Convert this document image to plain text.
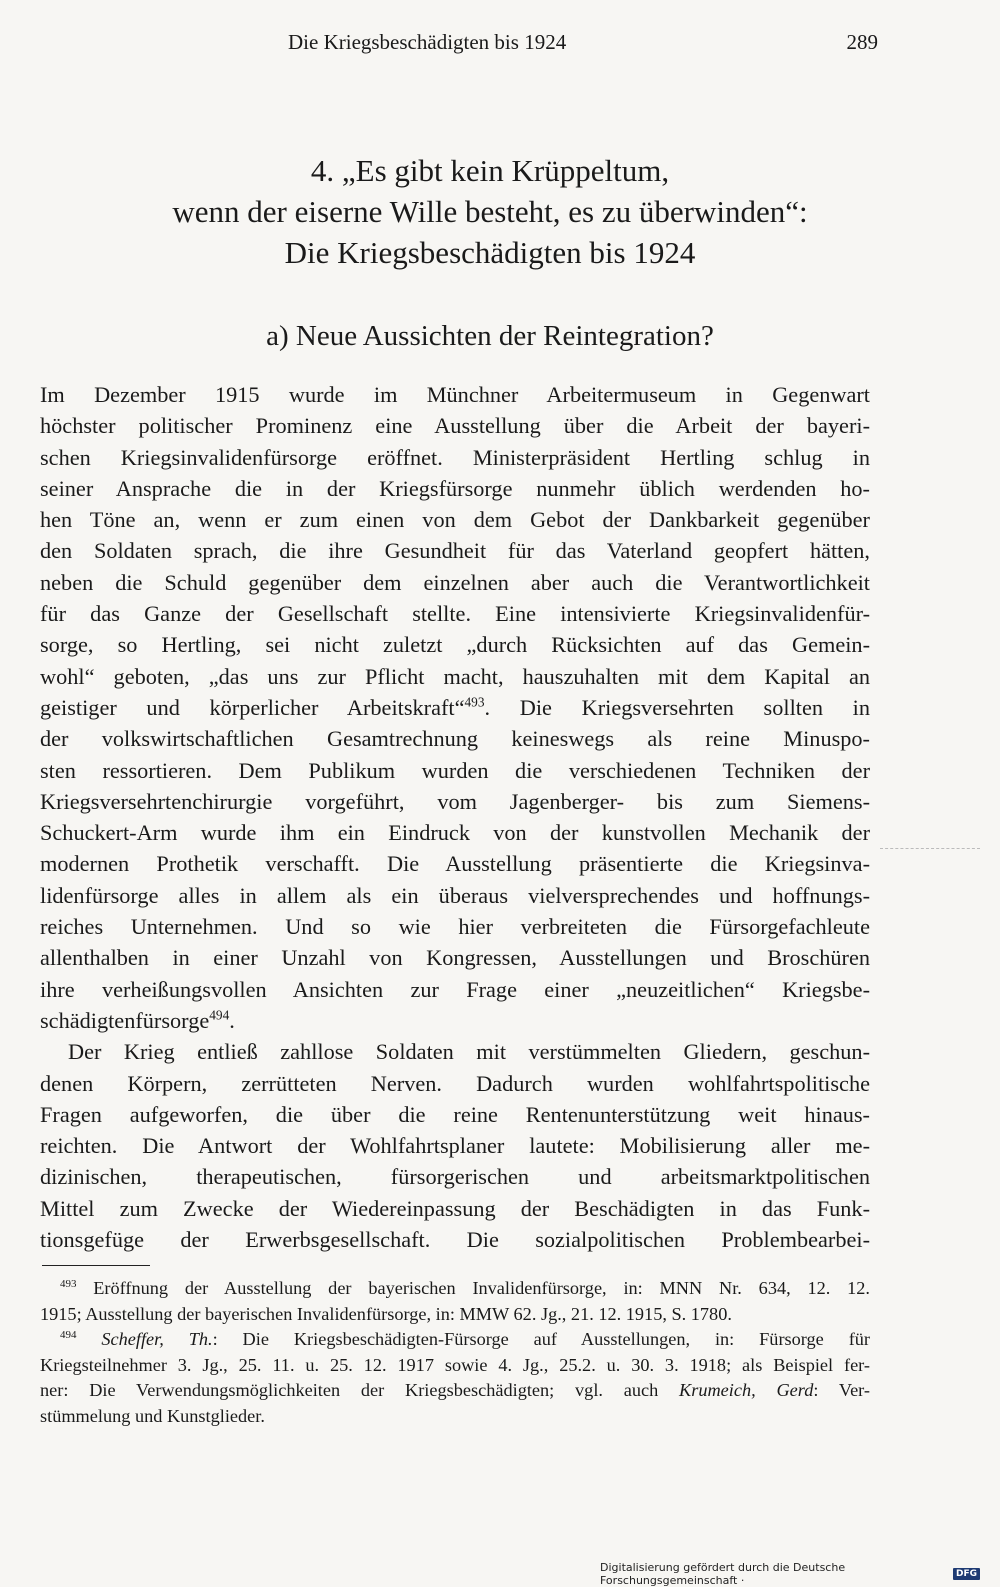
Die Kriegsbeschädigten bis 1924	289
4. „Es gibt kein Krüppeltum,
wenn der eiserne Wille besteht, es zu überwinden“:
Die Kriegsbeschädigten bis 1924
a) Neue Aussichten der Reintegration?
Im Dezember 1915 wurde im Münchner Arbeitermuseum in Gegenwart
höchster politischer Prominenz eine Ausstellung über die Arbeit der bayeri-
schen Kriegsinvalidenfürsorge eröffnet. Ministerpräsident Hertling schlug in
seiner Ansprache die in der Kriegsfürsorge nunmehr üblich werdenden ho-
hen Töne an, wenn er zum einen von dem Gebot der Dankbarkeit gegenüber
den Soldaten sprach, die ihre Gesundheit für das Vaterland geopfert hätten,
neben die Schuld gegenüber dem einzelnen aber auch die Verantwortlichkeit
für das Ganze der Gesellschaft stellte. Eine intensivierte Kriegsinvalidenfür-
sorge, so Hertling, sei nicht zuletzt „durch Rücksichten auf das Gemein-
wohl“ geboten, „das uns zur Pflicht macht, hauszuhalten mit dem Kapital an
geistiger und körperlicher Arbeitskraft“$^{493}$. Die Kriegsversehrten sollten in
der volkswirtschaftlichen Gesamtrechnung keineswegs als reine Minuspo-
sten ressortieren. Dem Publikum wurden die verschiedenen Techniken der
Kriegsversehrtenchirurgie vorgeführt, vom Jagenberger- bis zum Siemens-
Schuckert-Arm wurde ihm ein Eindruck von der kunstvollen Mechanik der
modernen Prothetik verschafft. Die Ausstellung präsentierte die Kriegsinva-
lidenfürsorge alles in allem als ein überaus vielversprechendes und hoffnungs-
reiches Unternehmen. Und so wie hier verbreiteten die Fürsorgefachleute
allenthalben in einer Unzahl von Kongressen, Ausstellungen und Broschüren
ihre verheißungsvollen Ansichten zur Frage einer „neuzeitlichen“ Kriegsbe-
schädigtenfürsorge$^{494}$.
Der Krieg entließ zahllose Soldaten mit verstümmelten Gliedern, geschun-
denen Körpern, zerrütteten Nerven. Dadurch wurden wohlfahrtspolitische
Fragen aufgeworfen, die über die reine Rentenunterstützung weit hinaus-
reichten. Die Antwort der Wohlfahrtsplaner lautete: Mobilisierung aller me-
dizinischen, therapeutischen, fürsorgerischen und arbeitsmarktpolitischen
Mittel zum Zwecke der Wiedereinpassung der Beschädigten in das Funk-
tionsgefüge der Erwerbsgesellschaft. Die sozialpolitischen Problembearbei-
$^{493}$ Eröffnung der Ausstellung der bayerischen Invalidenfürsorge, in: MNN Nr. 634, 12. 12.
1915; Ausstellung der bayerischen Invalidenfürsorge, in: MMW 62. Jg., 21. 12. 1915, S. 1780.
$^{494}$ Scheffer, Th.: Die Kriegsbeschädigten-Fürsorge auf Ausstellungen, in: Fürsorge für
Kriegsteilnehmer 3. Jg., 25. 11. u. 25. 12. 1917 sowie 4. Jg., 25.2. u. 30. 3. 1918; als Beispiel fer-
ner: Die Verwendungsmöglichkeiten der Kriegsbeschädigten; vgl. auch Krumeich, Gerd: Ver-
stümmelung und Kunstglieder.
Digitalisierung gefördert durch die Deutsche Forschungsgemeinschaft ·	DFG
